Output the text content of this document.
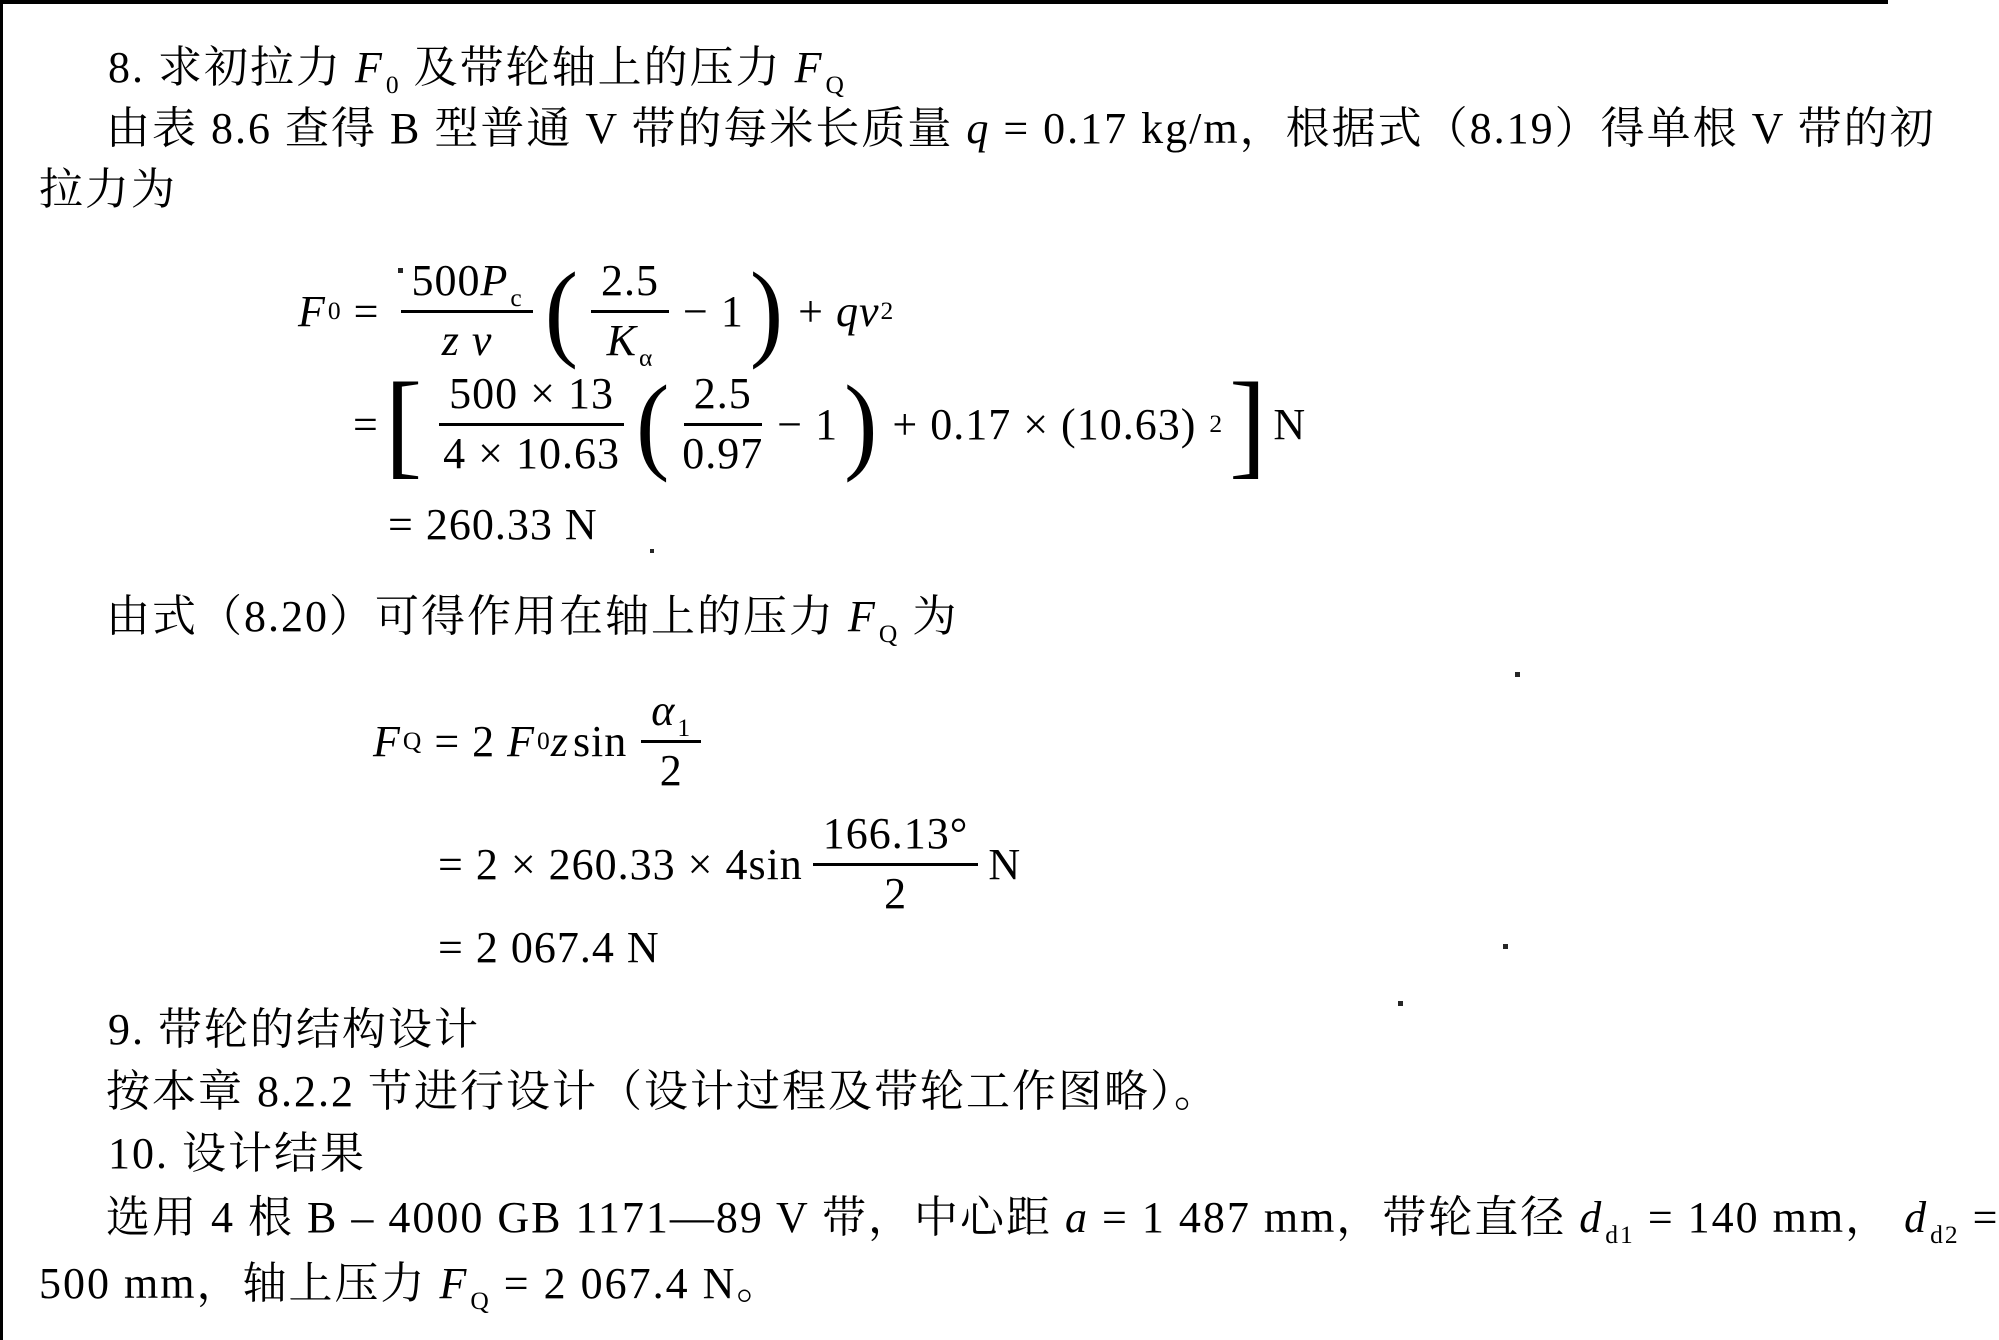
8. 求初拉力 $F_0$ 及带轮轴上的压力 $F_Q$
由表 8.6 查得 B 型普通 V 带的每米长质量 q = 0.17 kg/m，根据式（8.19）得单根 V 带的初
拉力为
F $0 = \frac{500P_c}{\text{z v}}$ ( $\frac{2.5}{K_\alpha} - 1$ ) + qv 2
= [ $\frac{500 \times 13}{4 \times 10.63}$ ( $\frac{2.5}{0.97} - 1$ ) + 0.17 × (10.63) 2 ] N
= 260.33 N
由式（8.20）可得作用在轴上的压力 $F_Q$ 为
F Q = 2 F 0 z $\sin \frac{\alpha_1}{2}$
= $2 \times 260.33 \times 4\sin \frac{166.13^\circ}{2}$ N
= 2 067.4 N
9. 带轮的结构设计
按本章 8.2.2 节进行设计（设计过程及带轮工作图略）。
10. 设计结果
选用 4 根 B – 4000 GB 1171—89 V 带，中心距 a = 1 487 mm，带轮直径 $d_{d1} = 140$ mm， $d_{d2}$ =
500 mm，轴上压力 $F_Q = 2$ 067.4 N。
